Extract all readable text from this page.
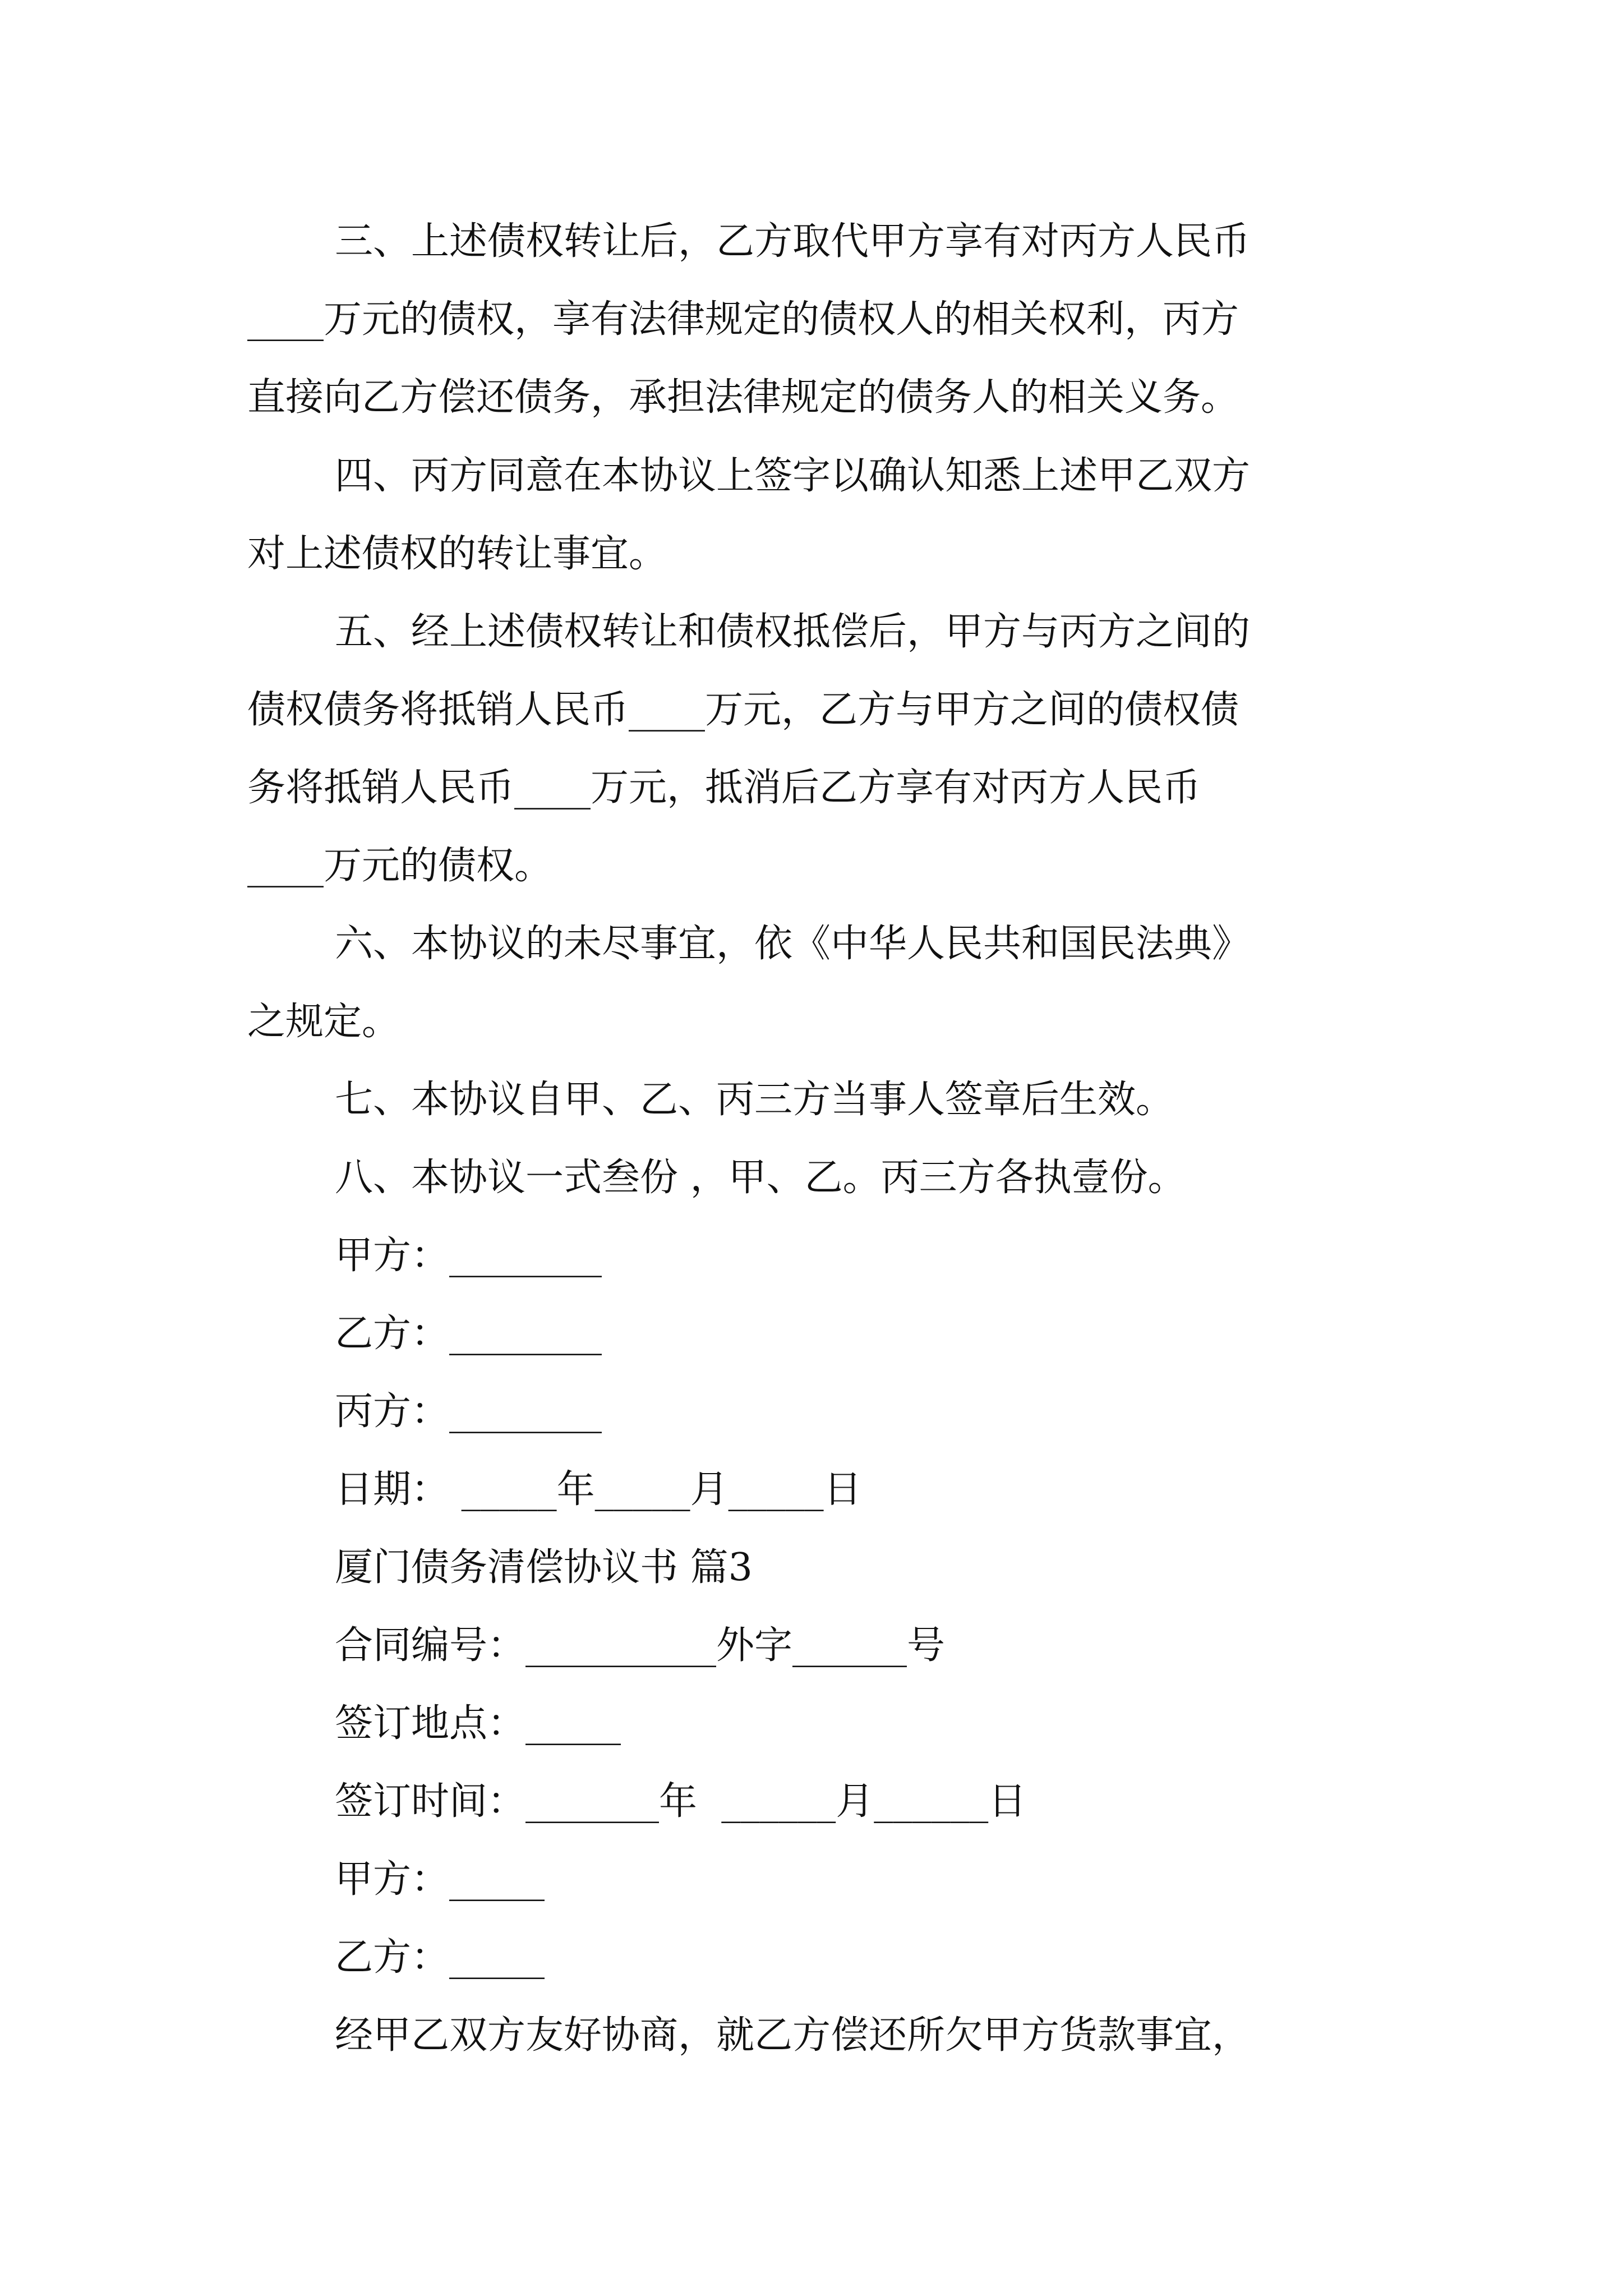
三、上述债权转让后，乙方取代甲方享有对丙方人民币
____万元的债权，享有法律规定的债权人的相关权利，丙方
直接向乙方偿还债务，承担法律规定的债务人的相关义务。
四、丙方同意在本协议上签字以确认知悉上述甲乙双方
对上述债权的转让事宜。
五、经上述债权转让和债权抵偿后，甲方与丙方之间的
债权债务将抵销人民币____万元，乙方与甲方之间的债权债
务将抵销人民币____万元，抵消后乙方享有对丙方人民币
____万元的债权。
六、本协议的未尽事宜，依《中华人民共和国民法典》
之规定。
七、本协议自甲、乙、丙三方当事人签章后生效。
八、本协议一式叁份 ，甲、乙。丙三方各执壹份。
甲方：________
乙方：________
丙方：________
日期： _____年_____月_____日
厦门债务清偿协议书 篇3
合同编号：__________外字______号
签订地点：_____
签订时间：_______年  ______月______日
甲方：_____
乙方：_____
经甲乙双方友好协商，就乙方偿还所欠甲方货款事宜，
